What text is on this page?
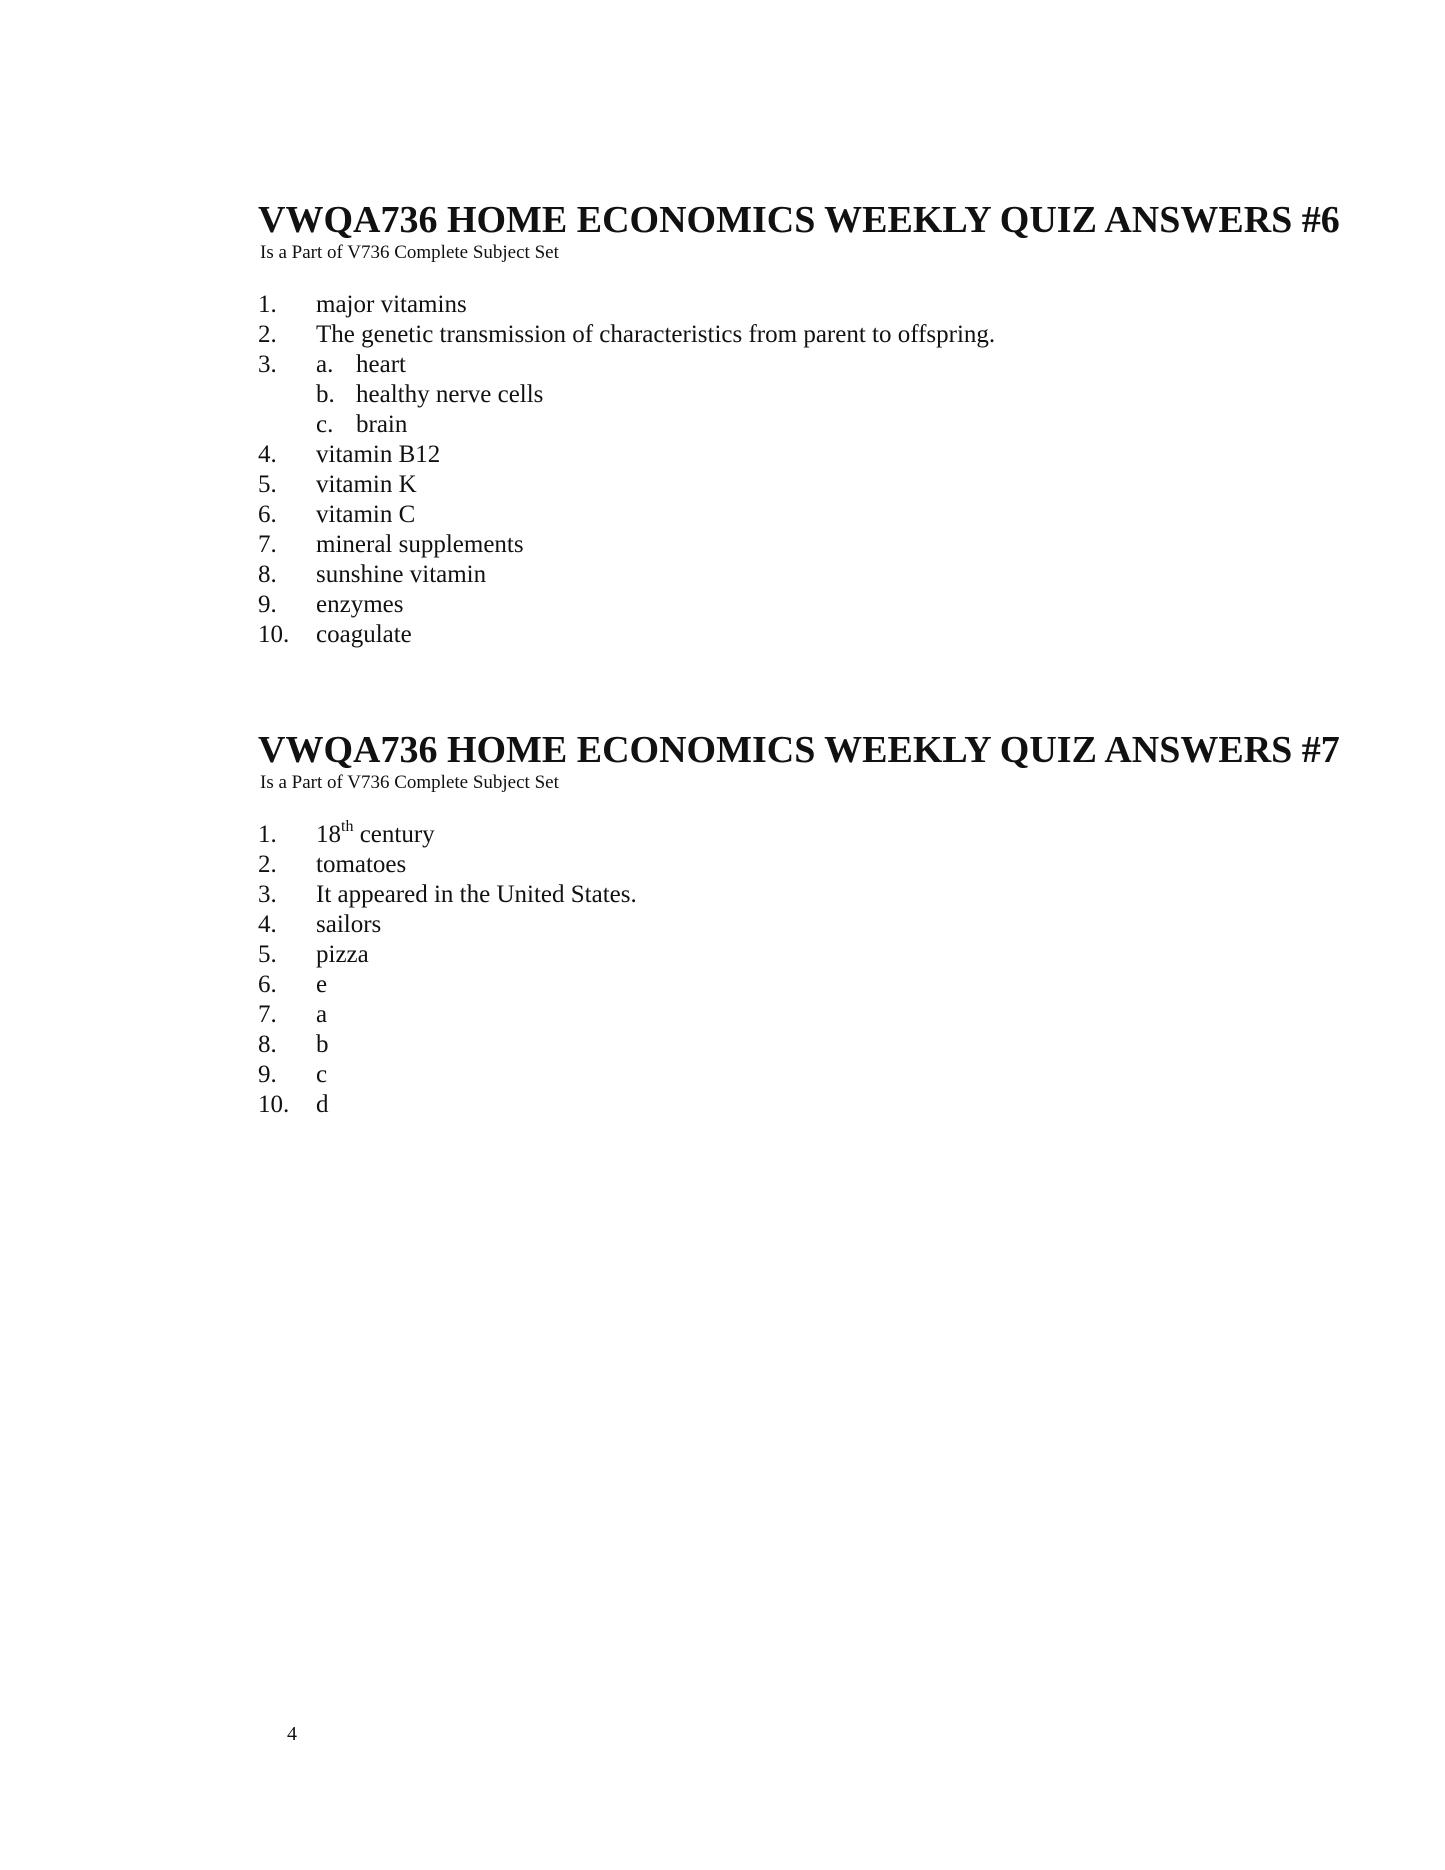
VWQA736 HOME ECONOMICS WEEKLY QUIZ ANSWERS #6

Is a Part of V736 Complete Subject Set

1. major vitamins
2. The genetic transmission of characteristics from parent to offspring.
3. a. heart
b. healthy nerve cells
c. brain
4. vitamin B12
5. vitamin K
6. vitamin C
7. mineral supplements
8. sunshine vitamin
9. enzymes
10. coagulate
VWQA736 HOME ECONOMICS WEEKLY QUIZ ANSWERS #7

Is a Part of V736 Complete Subject Set

1. 18th century
2. tomatoes
3. It appeared in the United States.
4. sailors
5. pizza
6. e
7. a
8. b
9. c
10. d
4
